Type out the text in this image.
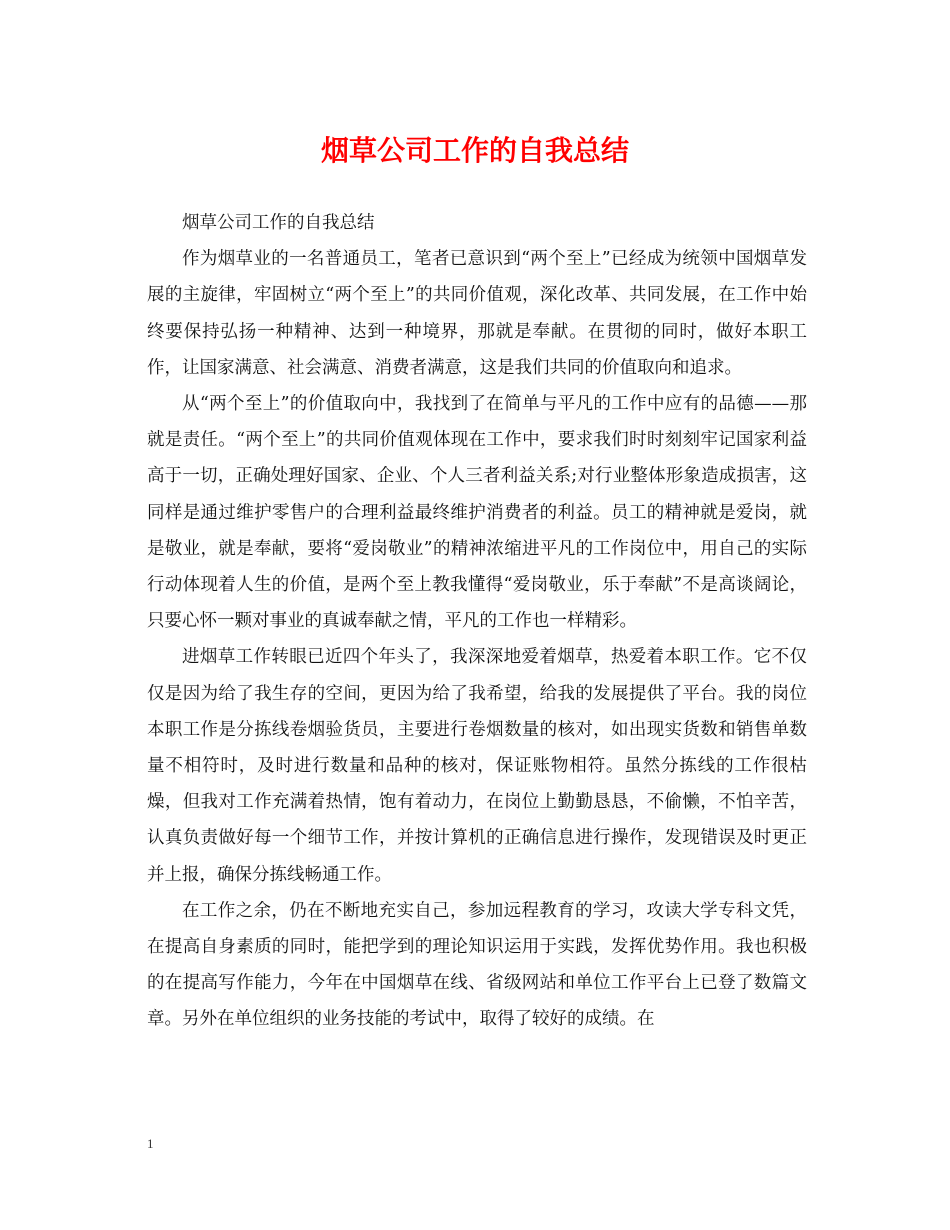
烟草公司工作的自我总结

烟草公司工作的自我总结

作为烟草业的一名普通员工，笔者已意识到“两个至上”已经成为统领中国烟草发展的主旋律，牢固树立“两个至上”的共同价值观，深化改革、共同发展，在工作中始终要保持弘扬一种精神、达到一种境界，那就是奉献。在贯彻的同时，做好本职工作，让国家满意、社会满意、消费者满意，这是我们共同的价值取向和追求。

从“两个至上”的价值取向中，我找到了在简单与平凡的工作中应有的品德——那就是责任。“两个至上”的共同价值观体现在工作中，要求我们时时刻刻牢记国家利益高于一切，正确处理好国家、企业、个人三者利益关系;对行业整体形象造成损害，这同样是通过维护零售户的合理利益最终维护消费者的利益。员工的精神就是爱岗，就是敬业，就是奉献，要将“爱岗敬业”的精神浓缩进平凡的工作岗位中，用自己的实际行动体现着人生的价值，是两个至上教我懂得“爱岗敬业，乐于奉献”不是高谈阔论，只要心怀一颗对事业的真诚奉献之情，平凡的工作也一样精彩。

进烟草工作转眼已近四个年头了，我深深地爱着烟草，热爱着本职工作。它不仅仅是因为给了我生存的空间，更因为给了我希望，给我的发展提供了平台。我的岗位本职工作是分拣线卷烟验货员，主要进行卷烟数量的核对，如出现实货数和销售单数量不相符时，及时进行数量和品种的核对，保证账物相符。虽然分拣线的工作很枯燥，但我对工作充满着热情，饱有着动力，在岗位上勤勤恳恳，不偷懒，不怕辛苦，认真负责做好每一个细节工作，并按计算机的正确信息进行操作，发现错误及时更正并上报，确保分拣线畅通工作。

在工作之余，仍在不断地充实自己，参加远程教育的学习，攻读大学专科文凭，在提高自身素质的同时，能把学到的理论知识运用于实践，发挥优势作用。我也积极的在提高写作能力，今年在中国烟草在线、省级网站和单位工作平台上已登了数篇文章。另外在单位组织的业务技能的考试中，取得了较好的成绩。在

1
